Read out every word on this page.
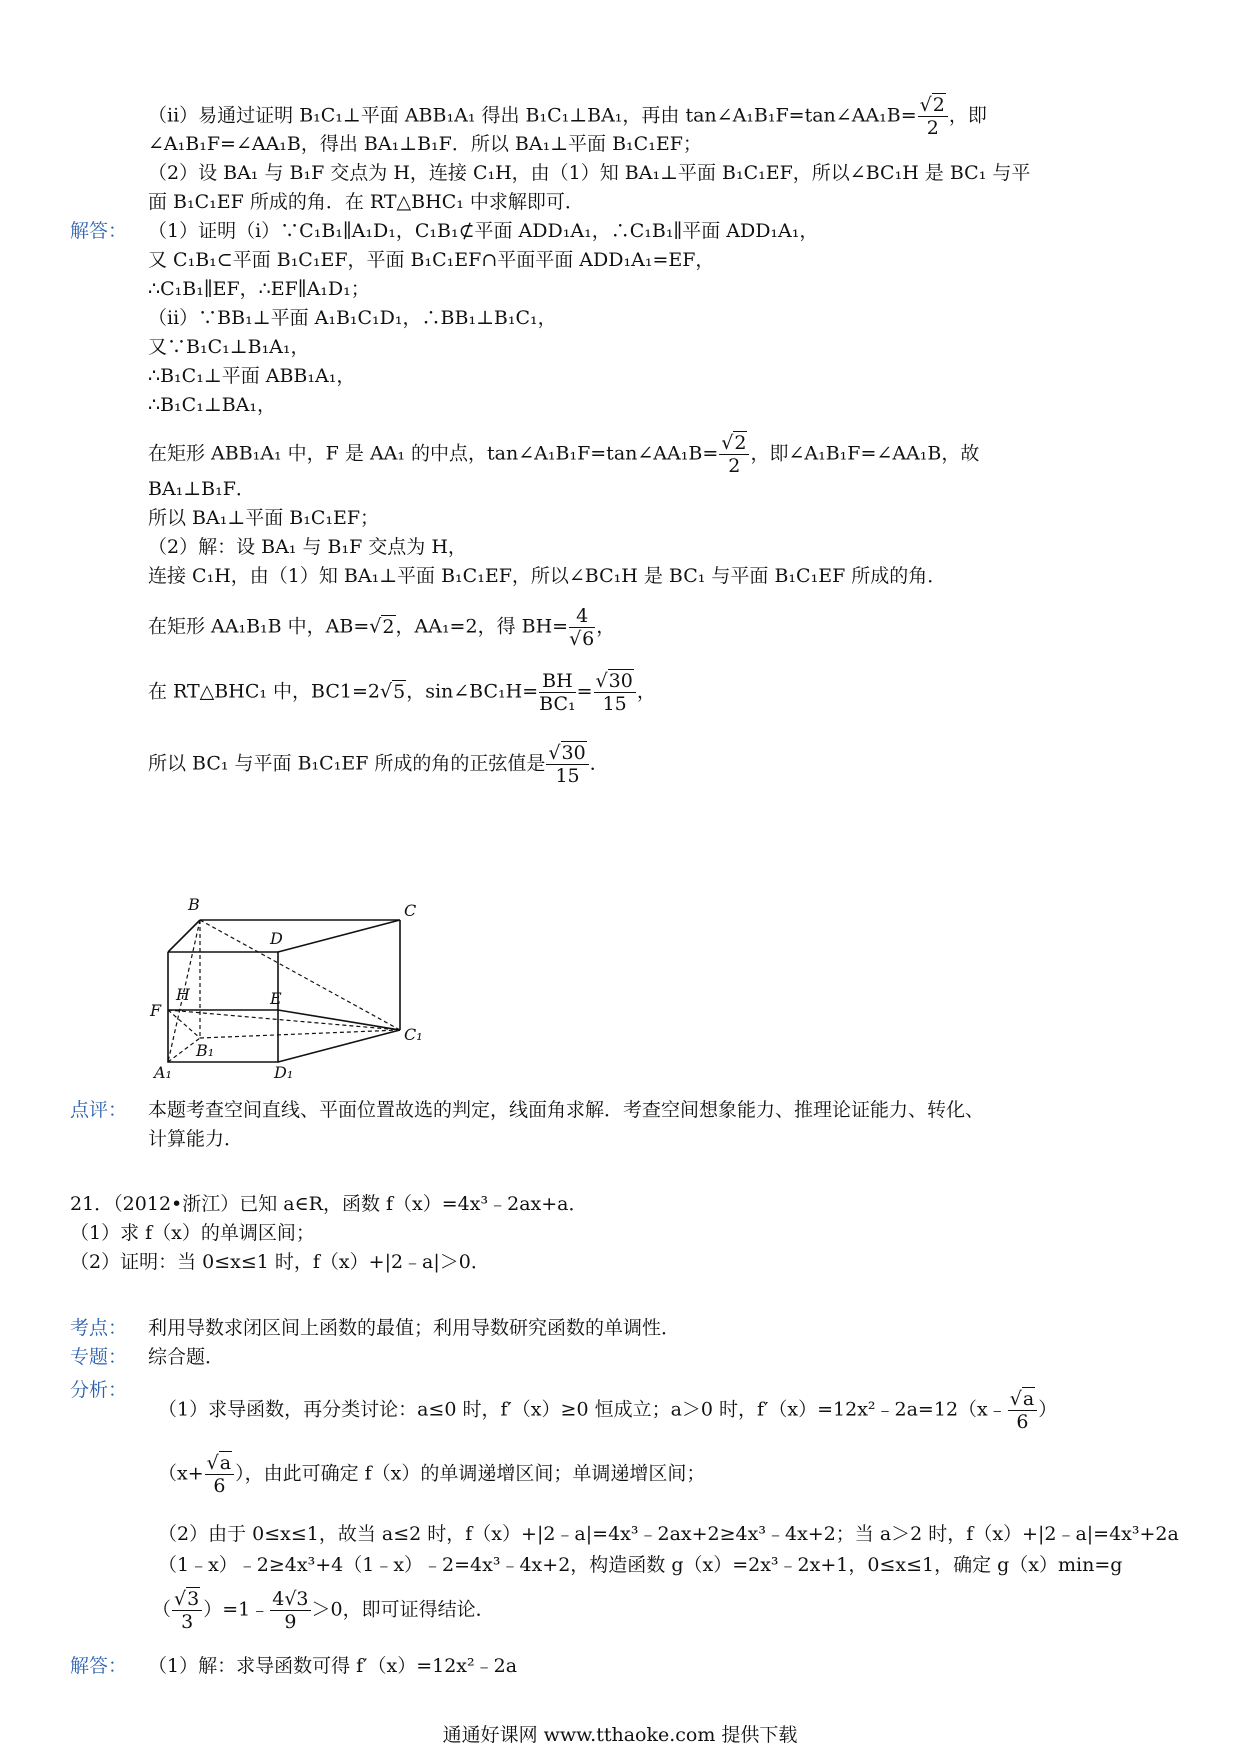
（ii）易通过证明 B₁C₁⊥平面 ABB₁A₁ 得出 B₁C₁⊥BA₁，再由 tan∠A₁B₁F=tan∠AA₁B= $\frac{√2}{2}$ ，即
∠A₁B₁F=∠AA₁B，得出 BA₁⊥B₁F．所以 BA₁⊥平面 B₁C₁EF；
（2）设 BA₁ 与 B₁F 交点为 H，连接 C₁H，由（1）知 BA₁⊥平面 B₁C₁EF，所以∠BC₁H 是 BC₁ 与平
面 B₁C₁EF 所成的角．在 RT△BHC₁ 中求解即可．
解答： （1）证明（i）∵C₁B₁∥A₁D₁，C₁B₁⊄平面 ADD₁A₁，∴C₁B₁∥平面 ADD₁A₁，
又 C₁B₁⊂平面 B₁C₁EF，平面 B₁C₁EF∩平面平面 ADD₁A₁=EF，
∴C₁B₁∥EF，∴EF∥A₁D₁；
（ii）∵BB₁⊥平面 A₁B₁C₁D₁，∴BB₁⊥B₁C₁，
又∵B₁C₁⊥B₁A₁，
∴B₁C₁⊥平面 ABB₁A₁，
∴B₁C₁⊥BA₁，
在矩形 ABB₁A₁ 中，F 是 AA₁ 的中点，tan∠A₁B₁F=tan∠AA₁B= $\frac{√2}{2}$ ，即∠A₁B₁F=∠AA₁B，故
BA₁⊥B₁F．
所以 BA₁⊥平面 B₁C₁EF；
（2）解：设 BA₁ 与 B₁F 交点为 H，
连接 C₁H，由（1）知 BA₁⊥平面 B₁C₁EF，所以∠BC₁H 是 BC₁ 与平面 B₁C₁EF 所成的角．
在矩形 AA₁B₁B 中，AB=√2，AA₁=2，得 $BH= \frac{4}{√6}$ ，
在 RT△BHC₁ 中，BC1=2√5，sin∠BC₁H= $\frac{BH}{\text{BC₁}} = \frac{√30}{15}$ ，
所以 BC₁ 与平面 B₁C₁EF 所成的角的正弦值是 $\frac{√30}{15}$ ．
B	C
D
H	E
F
B₁
C₁
A₁	D₁
点评： 本题考查空间直线、平面位置故选的判定，线面角求解．考查空间想象能力、推理论证能力、转化、
计算能力．
21．（2012•浙江）已知 a∈R，函数 f（x）=4x³﹣2ax+a．
（1）求 f（x）的单调区间；
（2）证明：当 0≤x≤1 时，f（x）+|2﹣a|＞0．
考点： 利用导数求闭区间上函数的最值；利用导数研究函数的单调性．
专题： 综合题．
分析：
（1）求导函数，再分类讨论：a≤0 时，f′（x）≥0 恒成立；a＞0 时，f′（x）=12x²﹣2a=12（x﹣ $\frac{√a}{6}$ ）
（$x+ \frac{√a}{6}$ ），由此可确定 f（x）的单调递增区间；单调递增区间；
（2）由于 0≤x≤1，故当 a≤2 时，f（x）+|2﹣a|=4x³﹣2ax+2≥4x³﹣4x+2；当 a＞2 时，f（x）+|2﹣a|=4x³+2a
（1﹣x）﹣2≥4x³+4（1﹣x）﹣2=4x³﹣4x+2，构造函数 g（x）=2x³﹣2x+1，0≤x≤1，确定 g（x）min=g
（ $\frac{√3}{3}$ ）=1﹣ $\frac{4√3}{9} >0$，即可证得结论．
解答： （1）解：求导函数可得 f′（x）=12x²﹣2a
通通好课网 www.tthaoke.com 提供下载
